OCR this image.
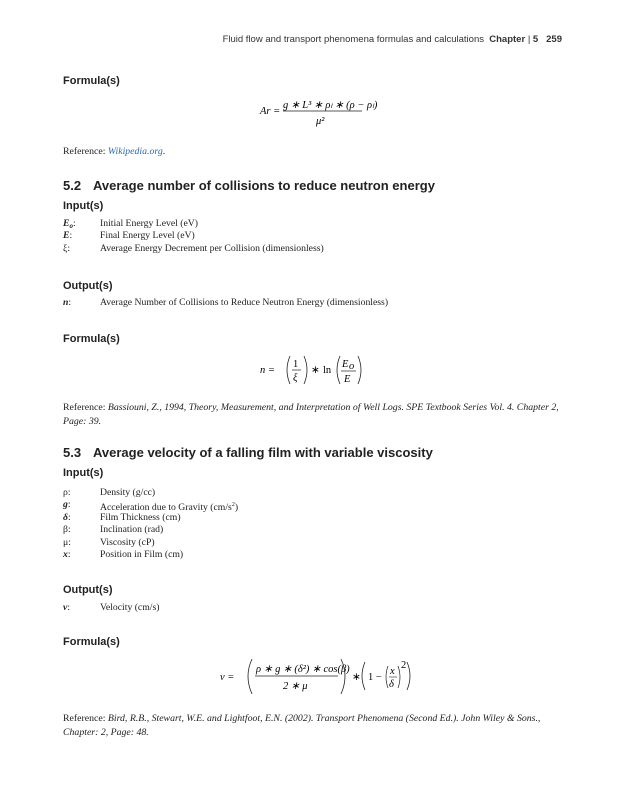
Fluid flow and transport phenomena formulas and calculations Chapter | 5 259
Formula(s)
Ar =
g ∗ L³ ∗ ρₗ ∗ (ρ − ρₗ)
μ²
Reference: Wikipedia.org.
5.2 Average number of collisions to reduce neutron energy
Input(s)
$E_o$:	Initial Energy Level (eV)
E:	Final Energy Level (eV)
ξ:	Average Energy Decrement per Collision (dimensionless)
Output(s)
n:	Average Number of Collisions to Reduce Neutron Energy (dimensionless)
Formula(s)
n =
1
ξ
∗ ln
E o
E
Reference: Bassiouni, Z., 1994, Theory, Measurement, and Interpretation of Well Logs. SPE Textbook Series Vol. 4. Chapter 2, Page: 39.
5.3 Average velocity of a falling film with variable viscosity
Input(s)
ρ:	Density (g/cc)
g:	Acceleration due to Gravity $(cm/s^2)$
δ:	Film Thickness (cm)
β:	Inclination (rad)
μ:	Viscosity (cP)
x:	Position in Film (cm)
Output(s)
v:	Velocity (cm/s)
Formula(s)
v =
ρ ∗ g ∗ (δ²) ∗ cos(β)
2 ∗ μ
∗ 1 −
x
δ
2
Reference: Bird, R.B., Stewart, W.E. and Lightfoot, E.N. (2002). Transport Phenomena (Second Ed.). John Wiley & Sons., Chapter: 2, Page: 48.
